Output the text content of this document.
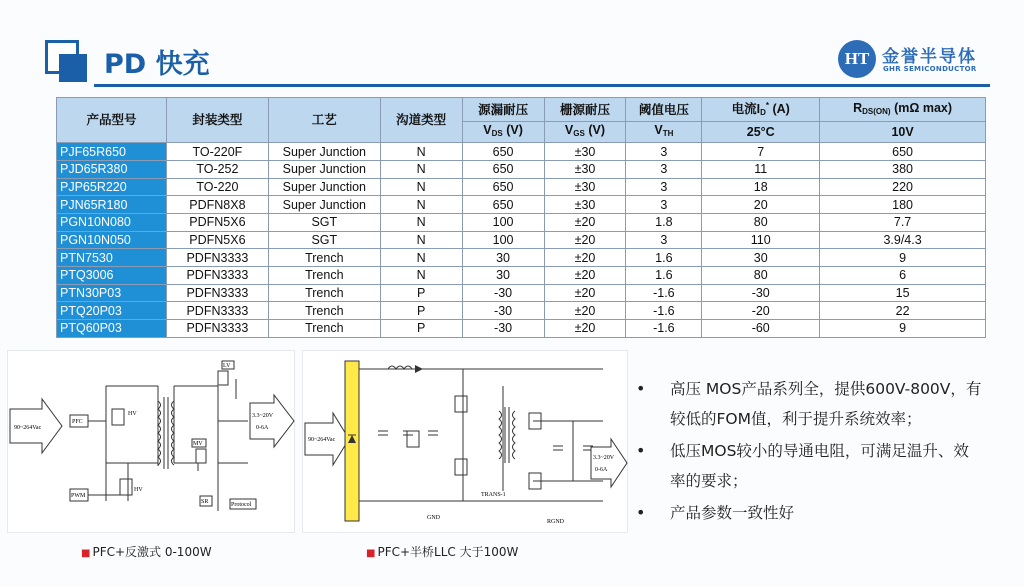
PD 快充	HT 金誉半导体
GHR SEMICONDUCTOR
产品型号	封装类型	工艺	沟道类型	源漏耐压	栅源耐压	阈值电压	电流$I_D^*$ (A)	$R_{DS(ON)}$ (mΩ max)
				$V_{DS}$ (V)	$V_{GS}$ (V)	$V_{TH}$	25°C	10V
PJF65R650	TO-220F	Super Junction	N	650	±30	3	7	650
PJD65R380	TO-252	Super Junction	N	650	±30	3	11	380
PJP65R220	TO-220	Super Junction	N	650	±30	3	18	220
PJN65R180	PDFN8X8	Super Junction	N	650	±30	3	20	180
PGN10N080	PDFN5X6	SGT	N	100	±20	1.8	80	7.7
PGN10N050	PDFN5X6	SGT	N	100	±20	3	110	3.9/4.3
PTN7530	PDFN3333	Trench	N	30	±20	1.6	30	9
PTQ3006	PDFN3333	Trench	N	30	±20	1.6	80	6
PTN30P03	PDFN3333	Trench	P	-30	±20	-1.6	-30	15
PTQ20P03	PDFN3333	Trench	P	-30	±20	-1.6	-20	22
PTQ60P03	PDFN3333	Trench	P	-30	±20	-1.6	-60	9
90~264Vac
PFC
HV
HV
LV
MV
PWM
SR	Protocol
3.3~20V
0-6A
90~264Vac
TRANS-1
GND
RGND
3.3~20V
0-6A
■ PFC+反激式 0-100W	■ PFC+半桥LLC 大于100W
• 高压 MOS产品系列全，提供600V-800V，有较低的FOM值，利于提升系统效率；
• 低压MOS较小的导通电阻，可满足温升、效率的要求；
• 产品参数一致性好
